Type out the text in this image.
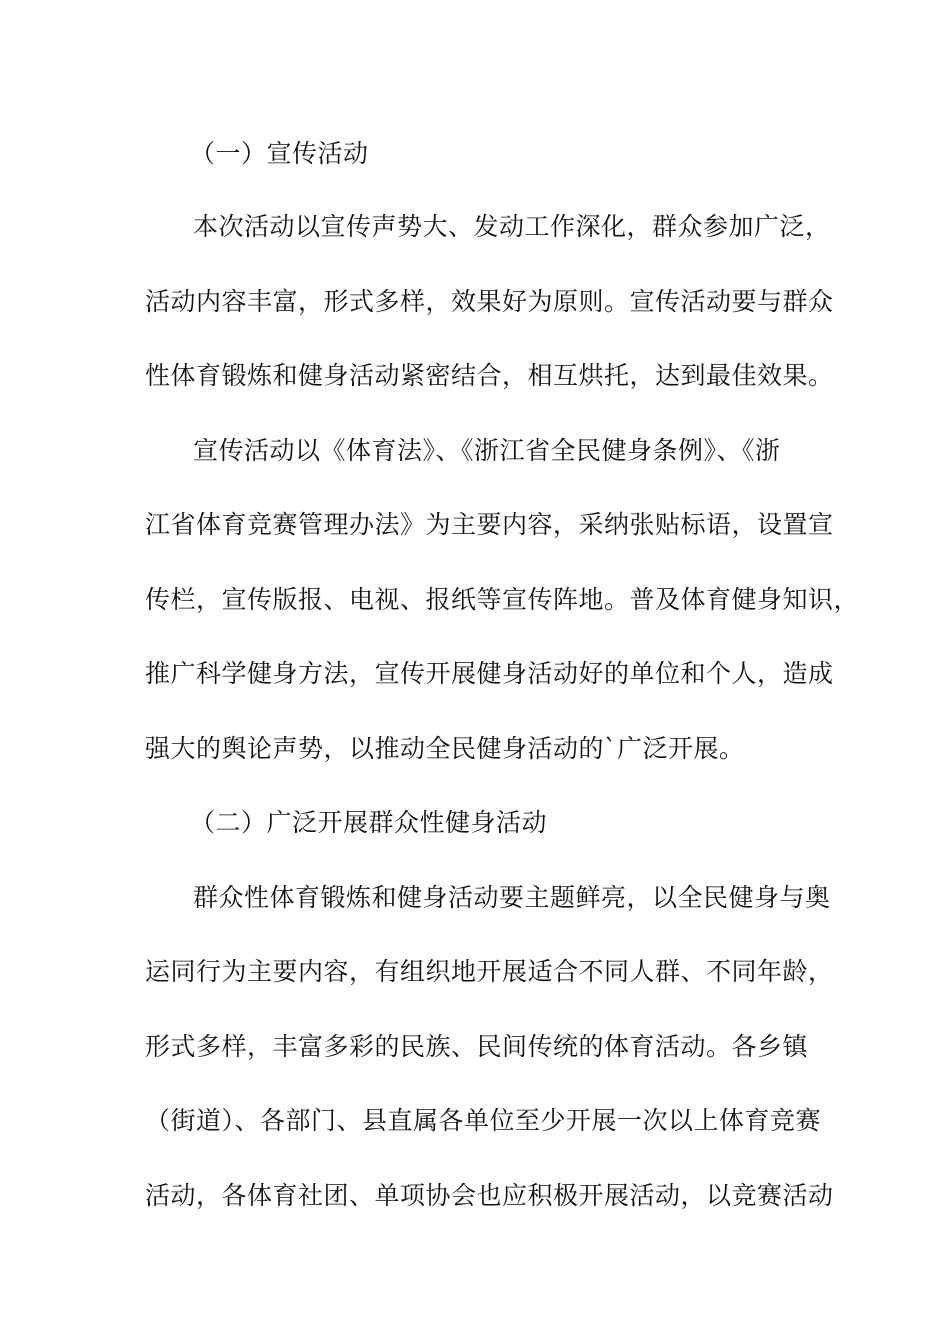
（一）宣传活动
本次活动以宣传声势大、发动工作深化，群众参加广泛，
活动内容丰富，形式多样，效果好为原则。宣传活动要与群众
性体育锻炼和健身活动紧密结合，相互烘托，达到最佳效果。
宣传活动以《体育法》、《浙江省全民健身条例》、《浙
江省体育竞赛管理办法》为主要内容，采纳张贴标语，设置宣
传栏，宣传版报、电视、报纸等宣传阵地。普及体育健身知识，
推广科学健身方法，宣传开展健身活动好的单位和个人，造成
强大的舆论声势，以推动全民健身活动的`广泛开展。
（二）广泛开展群众性健身活动
群众性体育锻炼和健身活动要主题鲜亮，以全民健身与奥
运同行为主要内容，有组织地开展适合不同人群、不同年龄，
形式多样，丰富多彩的民族、民间传统的体育活动。各乡镇
（街道）、各部门、县直属各单位至少开展一次以上体育竞赛
活动，各体育社团、单项协会也应积极开展活动，以竞赛活动
